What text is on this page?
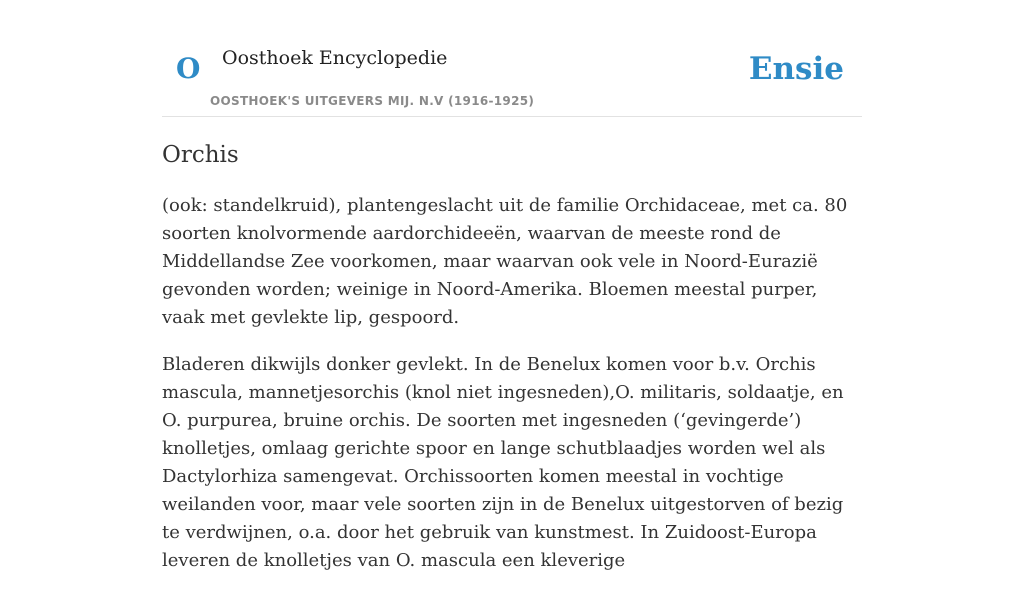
O Oosthoek Encyclopedie
OOSTHOEK'S UITGEVERS MIJ. N.V (1916-1925)
Ensie
Orchis

(ook: standelkruid), plantengeslacht uit de familie Orchidaceae, met ca. 80 soorten knolvormende aardorchideeën, waarvan de meeste rond de Middellandse Zee voorkomen, maar waarvan ook vele in Noord-Eurazië gevonden worden; weinige in Noord-Amerika. Bloemen meestal purper, vaak met gevlekte lip, gespoord.

Bladeren dikwijls donker gevlekt. In de Benelux komen voor b.v. Orchis mascula, mannetjesorchis (knol niet ingesneden),O. militaris, soldaatje, en O. purpurea, bruine orchis. De soorten met ingesneden (‘gevingerde’) knolletjes, omlaag gerichte spoor en lange schutblaadjes worden wel als Dactylorhiza samengevat. Orchissoorten komen meestal in vochtige weilanden voor, maar vele soorten zijn in de Benelux uitgestorven of bezig te verdwijnen, o.a. door het gebruik van kunstmest. In Zuidoost-Europa leveren de knolletjes van O. mascula een kleverige
